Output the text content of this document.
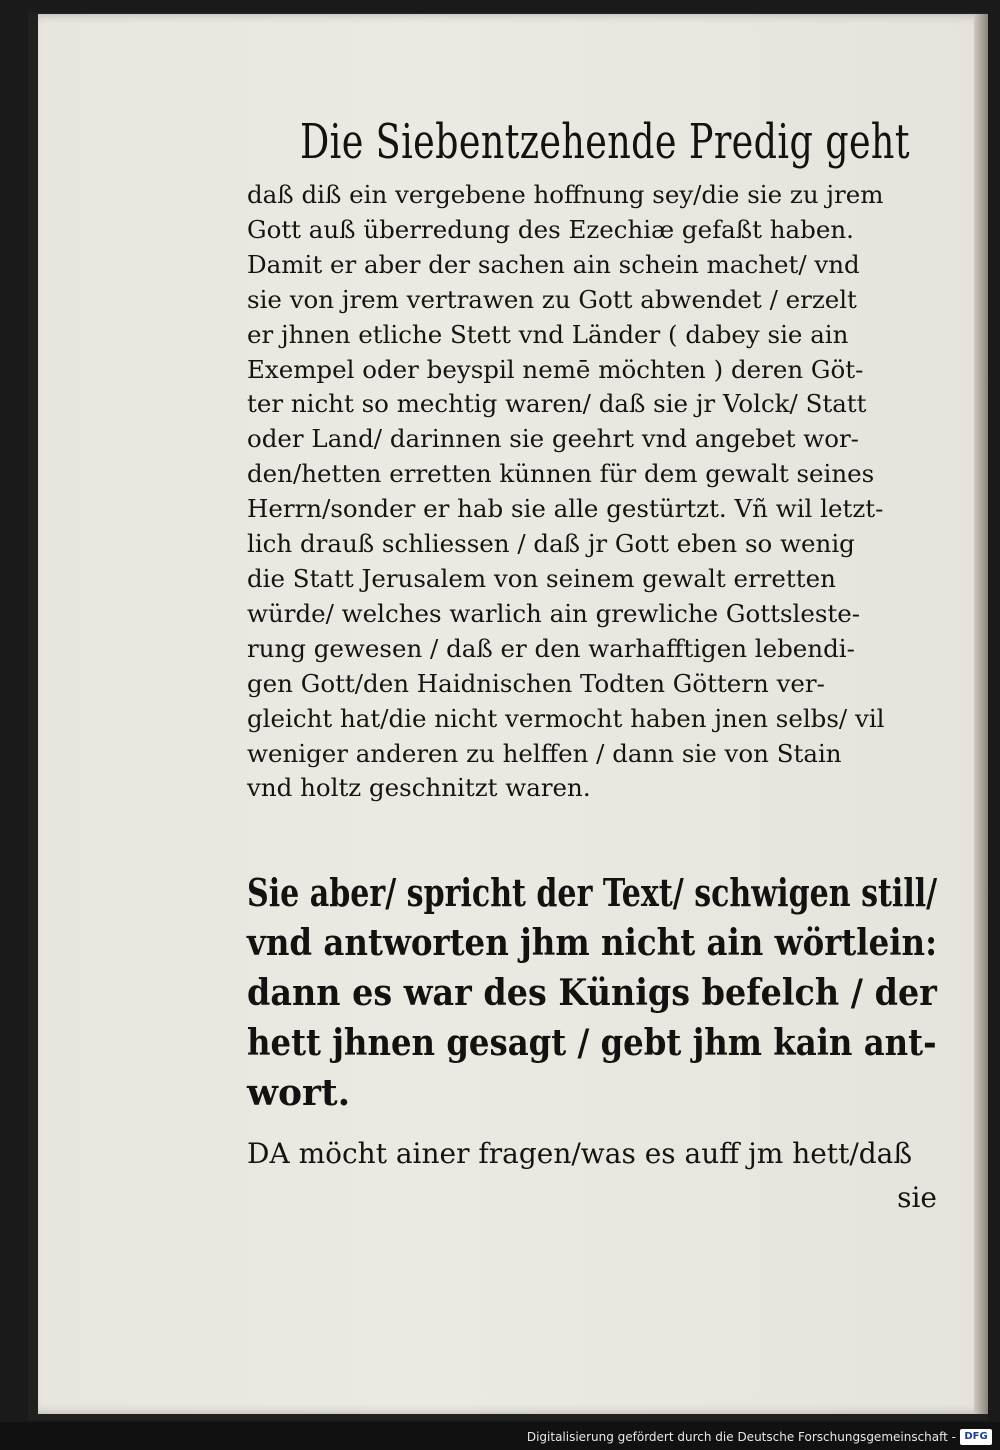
Die Siebentzehende Predig geht
daß diß ein vergebene hoffnung sey/die sie zu jrem
Gott auß überredung des Ezechiæ gefaßt haben.
Damit er aber der sachen ain schein machet/ vnd
sie von jrem vertrawen zu Gott abwendet / erzelt
er jhnen etliche Stett vnd Länder ( dabey sie ain
Exempel oder beyspil nemē möchten ) deren Göt-
ter nicht so mechtig waren/ daß sie jr Volck/ Statt
oder Land/ darinnen sie geehrt vnd angebet wor-
den/hetten erretten künnen für dem gewalt seines
Herrn/sonder er hab sie alle gestürtzt. Vñ wil letzt-
lich drauß schliessen / daß jr Gott eben so wenig
die Statt Jerusalem von seinem gewalt erretten
würde/ welches warlich ain grewliche Gottsleste-
rung gewesen / daß er den warhafftigen lebendi-
gen Gott/den Haidnischen Todten Göttern ver-
gleicht hat/die nicht vermocht haben jnen selbs/ vil
weniger anderen zu helffen / dann sie von Stain
vnd holtz geschnitzt waren.
Sie aber/ spricht der Text/ schwigen still/
vnd antworten jhm nicht ain wörtlein:
dann es war des Künigs befelch / der
hett jhnen gesagt / gebt jhm kain ant-
wort.
DA möcht ainer fragen/was es auff jm hett/daß
sie
Digitalisierung gefördert durch die Deutsche Forschungsgemeinschaft - DFG
